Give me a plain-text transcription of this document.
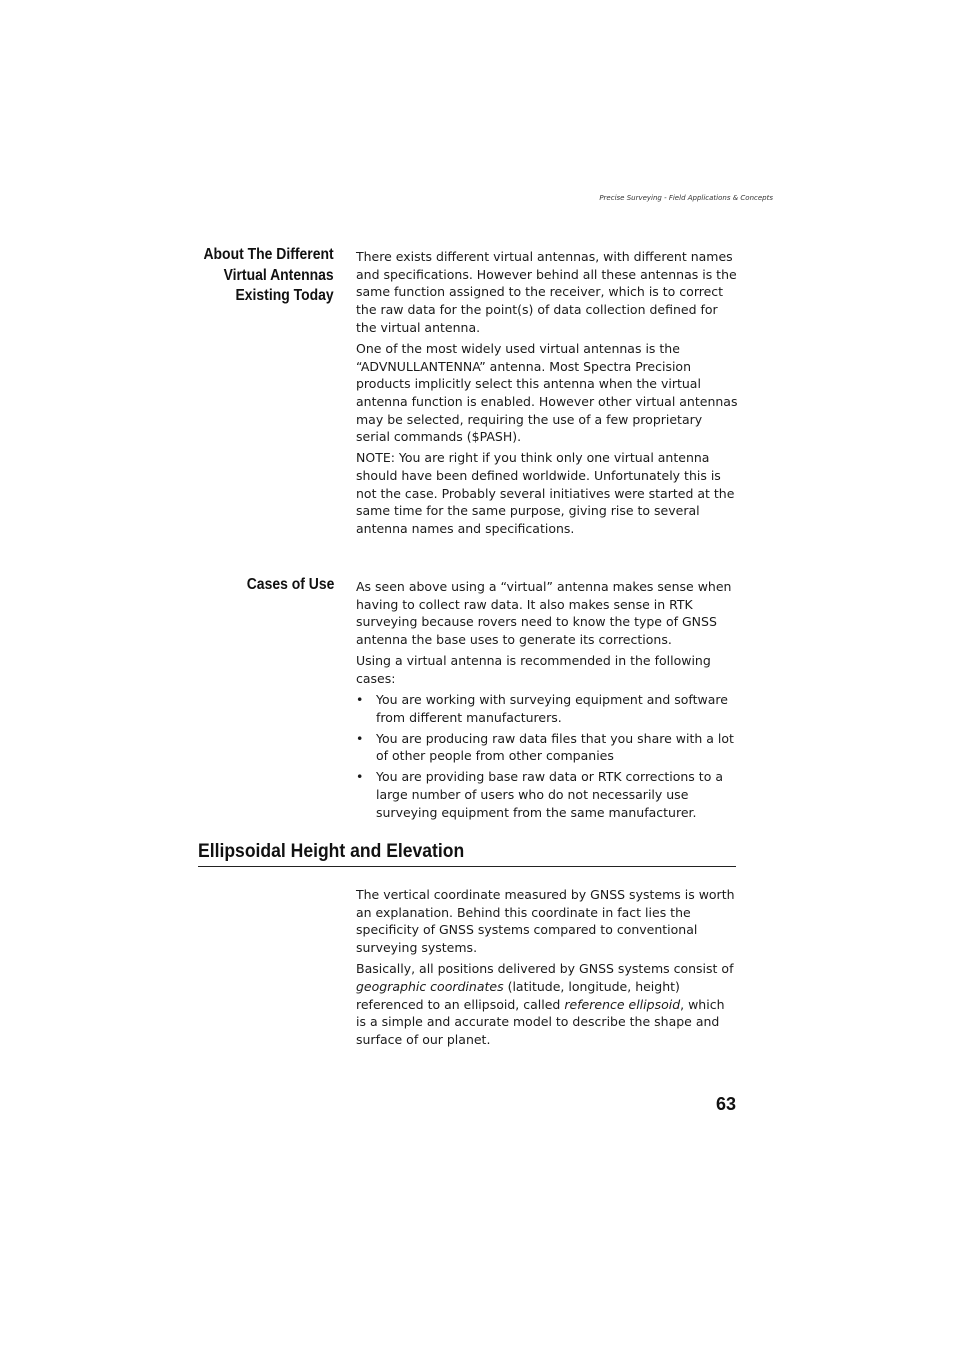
Precise Surveying - Field Applications & Concepts
About The Different
Virtual Antennas
Existing Today

There exists different virtual antennas, with different names and specifications. However behind all these antennas is the same function assigned to the receiver, which is to correct the raw data for the point(s) of data collection defined for the virtual antenna.

One of the most widely used virtual antennas is the “ADVNULLANTENNA” antenna. Most Spectra Precision products implicitly select this antenna when the virtual antenna function is enabled. However other virtual antennas may be selected, requiring the use of a few proprietary serial commands ($PASH).

NOTE: You are right if you think only one virtual antenna should have been defined worldwide. Unfortunately this is not the case. Probably several initiatives were started at the same time for the same purpose, giving rise to several antenna names and specifications.

Cases of Use As seen above using a “virtual” antenna makes sense when having to collect raw data. It also makes sense in RTK surveying because rovers need to know the type of GNSS antenna the base uses to generate its corrections.

Using a virtual antenna is recommended in the following cases:

• You are working with surveying equipment and software from different manufacturers.
• You are producing raw data files that you share with a lot of other people from other companies
• You are providing base raw data or RTK corrections to a large number of users who do not necessarily use surveying equipment from the same manufacturer.
Ellipsoidal Height and Elevation

The vertical coordinate measured by GNSS systems is worth an explanation. Behind this coordinate in fact lies the specificity of GNSS systems compared to conventional surveying systems.

Basically, all positions delivered by GNSS systems consist of geographic coordinates (latitude, longitude, height) referenced to an ellipsoid, called reference ellipsoid, which is a simple and accurate model to describe the shape and surface of our planet.

63
